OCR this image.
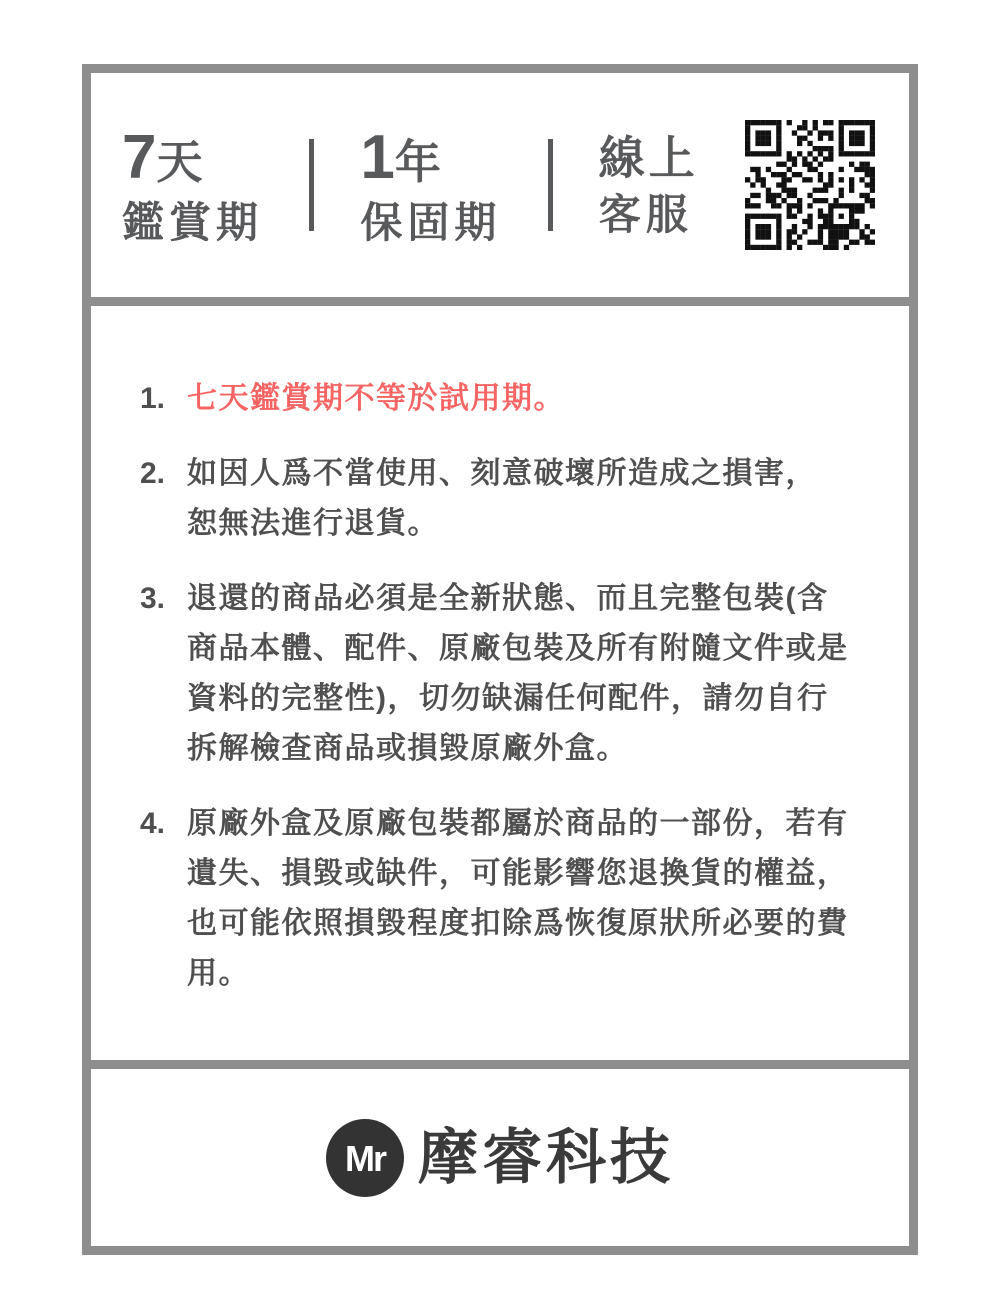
7 天
鑑賞期
1 年
保固期
線上
客服
1. 七天鑑賞期不等於試用期。
2. 如因人爲不當使用、刻意破壞所造成之損害，
恕無法進行退貨。
3. 退還的商品必須是全新狀態、而且完整包裝(含
商品本體、配件、原廠包裝及所有附隨文件或是
資料的完整性)，切勿缺漏任何配件，請勿自行
拆解檢查商品或損毀原廠外盒。
4. 原廠外盒及原廠包裝都屬於商品的一部份，若有
遺失、損毀或缺件，可能影響您退換貨的權益，
也可能依照損毀程度扣除爲恢復原狀所必要的費
用。
Mr 摩睿科技
